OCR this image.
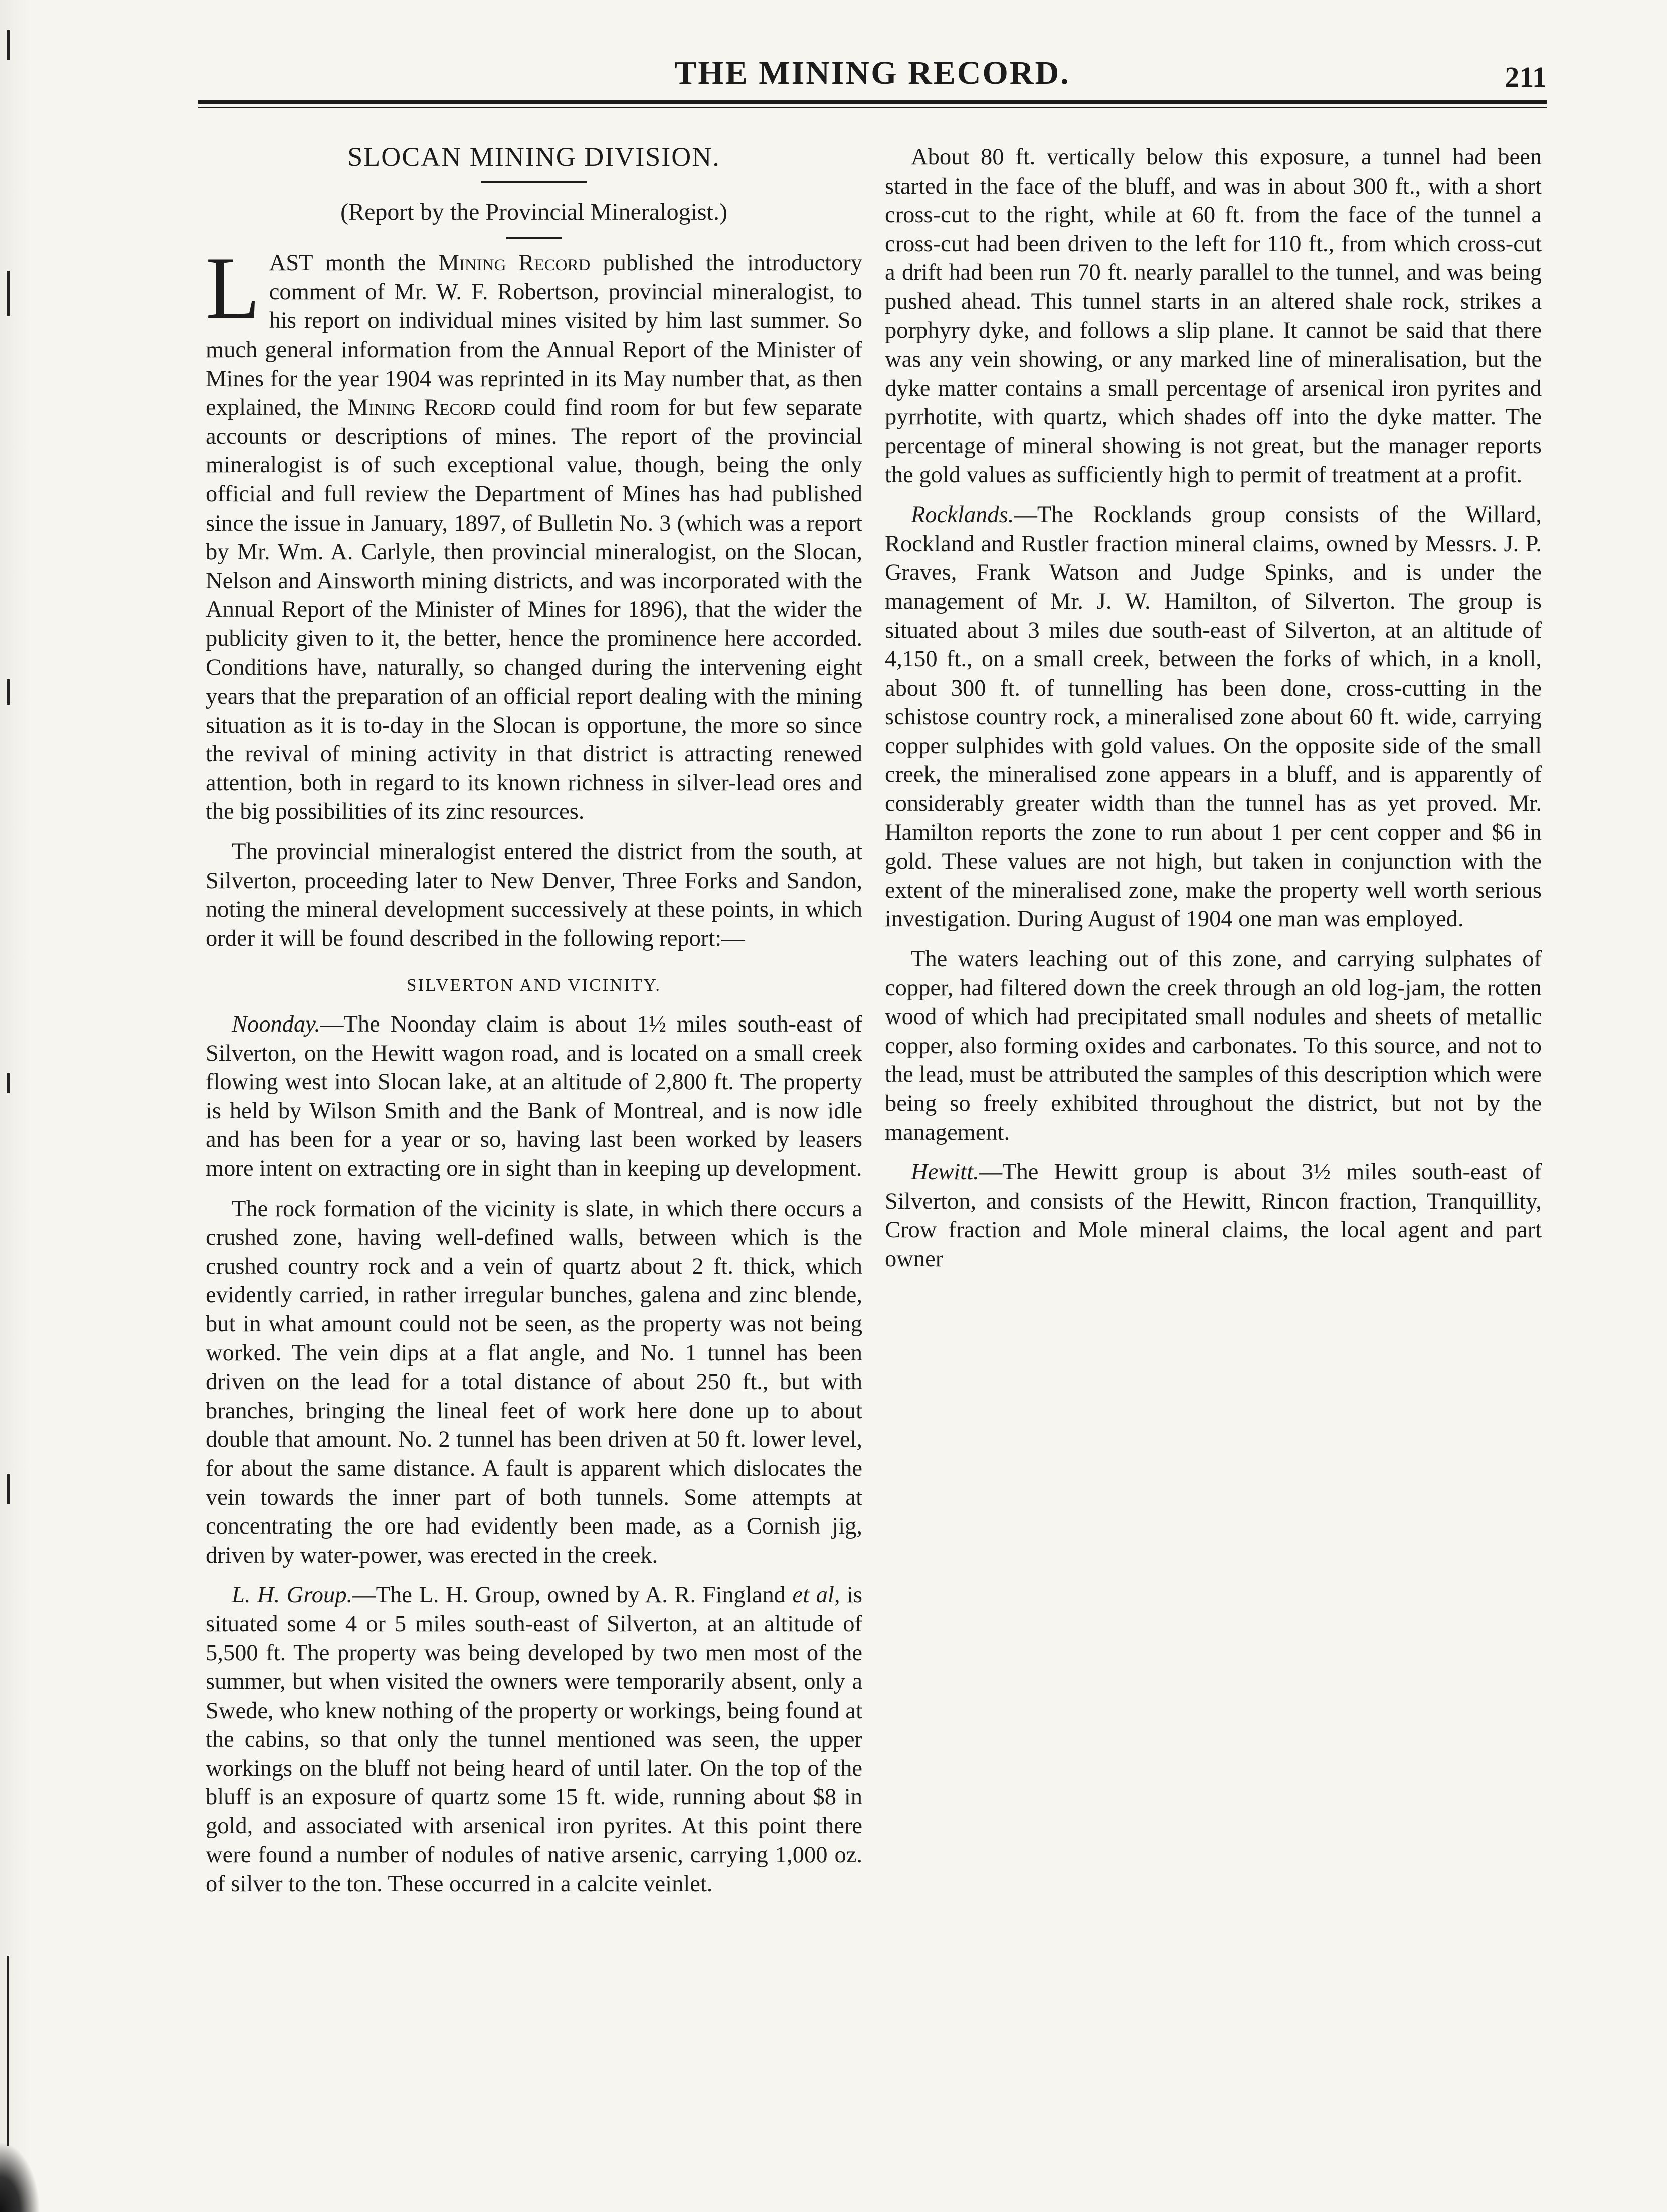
THE MINING RECORD.	211
SLOCAN MINING DIVISION.
(Report by the Provincial Mineralogist.)

LAST month the Mining Record published the introductory comment of Mr. W. F. Robertson, provincial mineralogist, to his report on individual mines visited by him last summer. So much general information from the Annual Report of the Minister of Mines for the year 1904 was reprinted in its May number that, as then explained, the Mining Record could find room for but few separate accounts or descriptions of mines. The report of the provincial mineralogist is of such exceptional value, though, being the only official and full review the Department of Mines has had published since the issue in January, 1897, of Bulletin No. 3 (which was a report by Mr. Wm. A. Carlyle, then provincial mineralogist, on the Slocan, Nelson and Ainsworth mining districts, and was incorporated with the Annual Report of the Minister of Mines for 1896), that the wider the publicity given to it, the better, hence the prominence here accorded. Conditions have, naturally, so changed during the intervening eight years that the preparation of an official report dealing with the mining situation as it is to-day in the Slocan is opportune, the more so since the revival of mining activity in that district is attracting renewed attention, both in regard to its known richness in silver-lead ores and the big possibilities of its zinc resources.

The provincial mineralogist entered the district from the south, at Silverton, proceeding later to New Denver, Three Forks and Sandon, noting the mineral development successively at these points, in which order it will be found described in the following report:—

SILVERTON AND VICINITY.

Noonday.—The Noonday claim is about 1½ miles south-east of Silverton, on the Hewitt wagon road, and is located on a small creek flowing west into Slocan lake, at an altitude of 2,800 ft. The property is held by Wilson Smith and the Bank of Montreal, and is now idle and has been for a year or so, having last been worked by leasers more intent on extracting ore in sight than in keeping up development.

The rock formation of the vicinity is slate, in which there occurs a crushed zone, having well-defined walls, between which is the crushed country rock and a vein of quartz about 2 ft. thick, which evidently carried, in rather irregular bunches, galena and zinc blende, but in what amount could not be seen, as the property was not being worked. The vein dips at a flat angle, and No. 1 tunnel has been driven on the lead for a total distance of about 250 ft., but with branches, bringing the lineal feet of work here done up to about double that amount. No. 2 tunnel has been driven at 50 ft. lower level, for about the same distance. A fault is apparent which dislocates the vein towards the inner part of both tunnels. Some attempts at concentrating the ore had evidently been made, as a Cornish jig, driven by water-power, was erected in the creek.

L. H. Group.—The L. H. Group, owned by A. R. Fingland et al, is situated some 4 or 5 miles south-east of Silverton, at an altitude of 5,500 ft. The property was being developed by two men most of the summer, but when visited the owners were temporarily absent, only a Swede, who knew nothing of the property or workings, being found at the cabins, so that only the tunnel mentioned was seen, the upper workings on the bluff not being heard of until later. On the top of the bluff is an exposure of quartz some 15 ft. wide, running about $8 in gold, and associated with arsenical iron pyrites. At this point there were found a number of nodules of native arsenic, carrying 1,000 oz. of silver to the ton. These occurred in a calcite veinlet.

About 80 ft. vertically below this exposure, a tunnel had been started in the face of the bluff, and was in about 300 ft., with a short cross-cut to the right, while at 60 ft. from the face of the tunnel a cross-cut had been driven to the left for 110 ft., from which cross-cut a drift had been run 70 ft. nearly parallel to the tunnel, and was being pushed ahead. This tunnel starts in an altered shale rock, strikes a porphyry dyke, and follows a slip plane. It cannot be said that there was any vein showing, or any marked line of mineralisation, but the dyke matter contains a small percentage of arsenical iron pyrites and pyrrhotite, with quartz, which shades off into the dyke matter. The percentage of mineral showing is not great, but the manager reports the gold values as sufficiently high to permit of treatment at a profit.

Rocklands.—The Rocklands group consists of the Willard, Rockland and Rustler fraction mineral claims, owned by Messrs. J. P. Graves, Frank Watson and Judge Spinks, and is under the management of Mr. J. W. Hamilton, of Silverton. The group is situated about 3 miles due south-east of Silverton, at an altitude of 4,150 ft., on a small creek, between the forks of which, in a knoll, about 300 ft. of tunnelling has been done, cross-cutting in the schistose country rock, a mineralised zone about 60 ft. wide, carrying copper sulphides with gold values. On the opposite side of the small creek, the mineralised zone appears in a bluff, and is apparently of considerably greater width than the tunnel has as yet proved. Mr. Hamilton reports the zone to run about 1 per cent copper and $6 in gold. These values are not high, but taken in conjunction with the extent of the mineralised zone, make the property well worth serious investigation. During August of 1904 one man was employed.

The waters leaching out of this zone, and carrying sulphates of copper, had filtered down the creek through an old log-jam, the rotten wood of which had precipitated small nodules and sheets of metallic copper, also forming oxides and carbonates. To this source, and not to the lead, must be attributed the samples of this description which were being so freely exhibited throughout the district, but not by the management.

Hewitt.—The Hewitt group is about 3½ miles south-east of Silverton, and consists of the Hewitt, Rincon fraction, Tranquillity, Crow fraction and Mole mineral claims, the local agent and part owner
